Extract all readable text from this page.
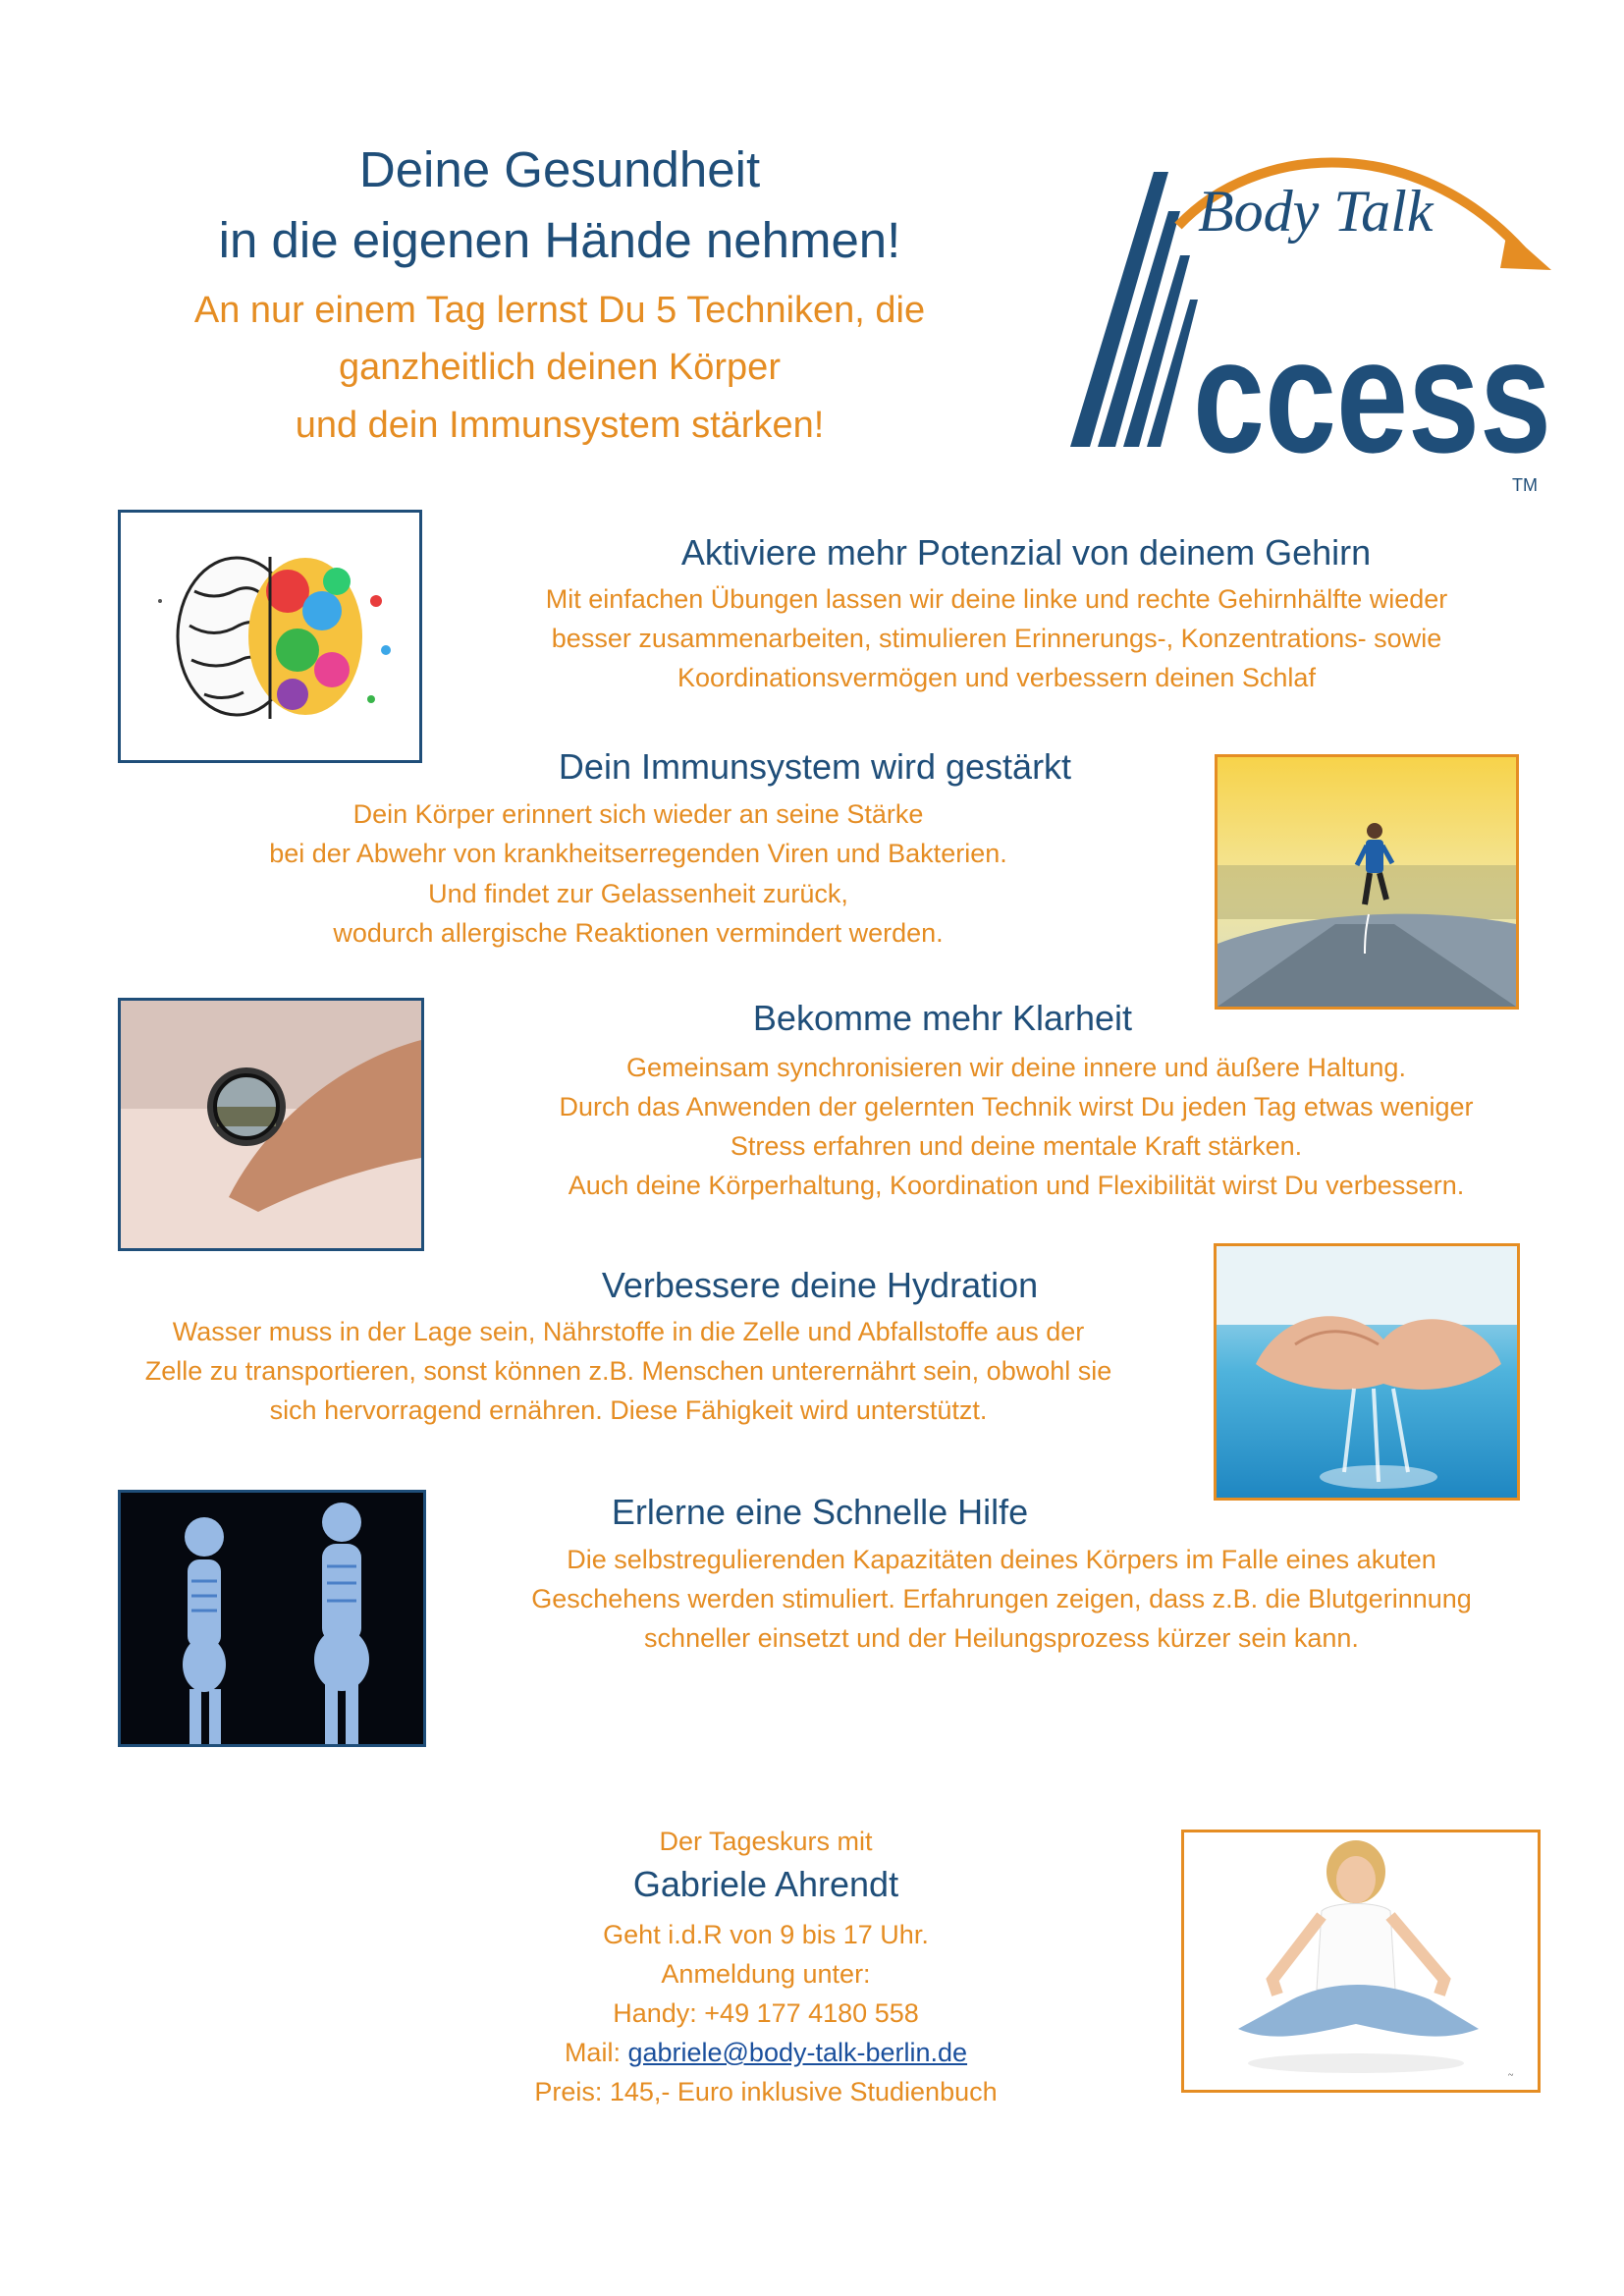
Deine Gesundheit
in die eigenen Hände nehmen!
An nur einem Tag lernst Du 5 Techniken, die
ganzheitlich deinen Körper
und dein Immunsystem stärken!
Body Talk
ccess
TM
Aktiviere mehr Potenzial von deinem Gehirn
Mit einfachen Übungen lassen wir deine linke und rechte Gehirnhälfte wieder
besser zusammenarbeiten, stimulieren Erinnerungs-, Konzentrations- sowie
Koordinationsvermögen und verbessern deinen Schlaf
Dein Immunsystem wird gestärkt
Dein Körper erinnert sich wieder an seine Stärke
bei der Abwehr von krankheitserregenden Viren und Bakterien.
Und findet zur Gelassenheit zurück,
wodurch allergische Reaktionen vermindert werden.
Bekomme mehr Klarheit
Gemeinsam synchronisieren wir deine innere und äußere Haltung.
Durch das Anwenden der gelernten Technik wirst Du jeden Tag etwas weniger
Stress erfahren und deine mentale Kraft stärken.
Auch deine Körperhaltung, Koordination und Flexibilität wirst Du verbessern.
Verbessere deine Hydration
Wasser muss in der Lage sein, Nährstoffe in die Zelle und Abfallstoffe aus der
Zelle zu transportieren, sonst können z.B. Menschen unterernährt sein, obwohl sie
sich hervorragend ernähren. Diese Fähigkeit wird unterstützt.
Erlerne eine Schnelle Hilfe
Die selbstregulierenden Kapazitäten deines Körpers im Falle eines akuten
Geschehens werden stimuliert. Erfahrungen zeigen, dass z.B. die Blutgerinnung
schneller einsetzt und der Heilungsprozess kürzer sein kann.
Der Tageskurs mit
Gabriele Ahrendt
Geht i.d.R von 9 bis 17 Uhr.
Anmeldung unter:
Handy: +49 177 4180 558
Mail: gabriele@body-talk-berlin.de
Preis: 145,- Euro inklusive Studienbuch
~
